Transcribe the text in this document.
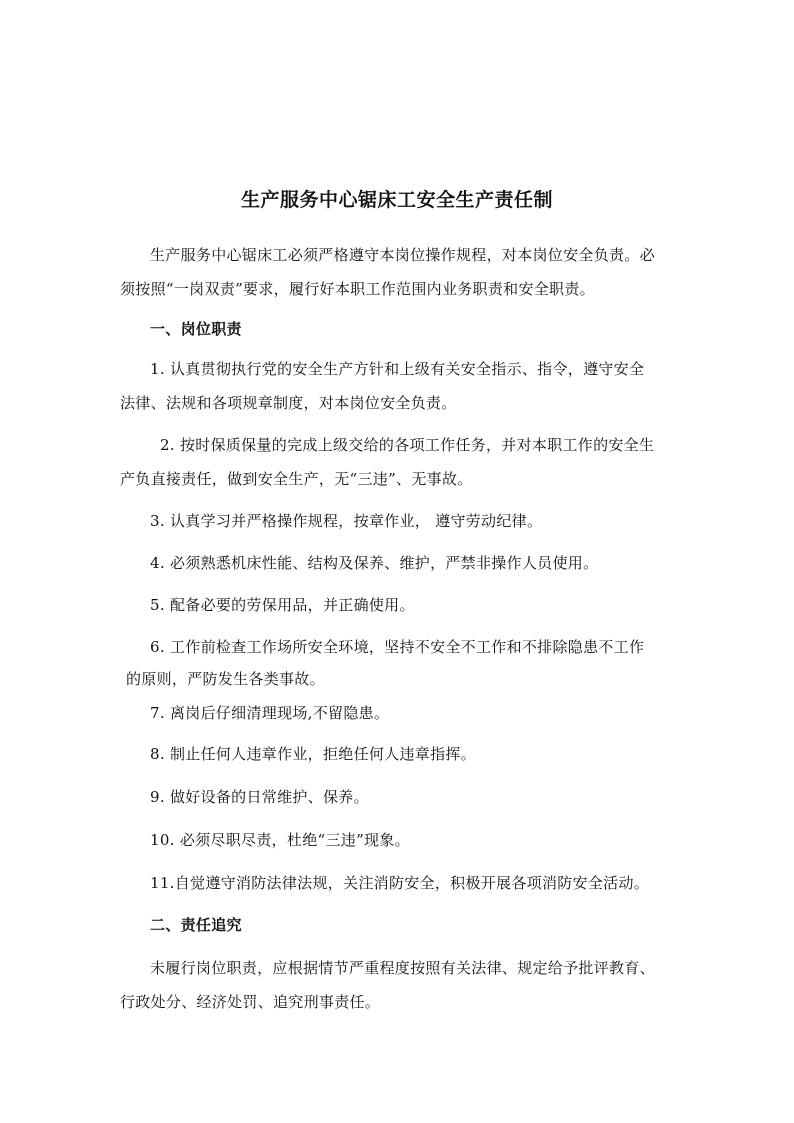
生产服务中心锯床工安全生产责任制
生产服务中心锯床工必须严格遵守本岗位操作规程，对本岗位安全负责。必
须按照“一岗双责”要求，履行好本职工作范围内业务职责和安全职责。
一、岗位职责
1. 认真贯彻执行党的安全生产方针和上级有关安全指示、指令，遵守安全
法律、法规和各项规章制度，对本岗位安全负责。
2. 按时保质保量的完成上级交给的各项工作任务，并对本职工作的安全生
产负直接责任，做到安全生产，无“三违”、无事故。
3. 认真学习并严格操作规程，按章作业， 遵守劳动纪律。
4. 必须熟悉机床性能、结构及保养、维护，严禁非操作人员使用。
5. 配备必要的劳保用品，并正确使用。
6. 工作前检查工作场所安全环境，坚持不安全不工作和不排除隐患不工作
的原则，严防发生各类事故。
7. 离岗后仔细清理现场,不留隐患。
8. 制止任何人违章作业，拒绝任何人违章指挥。
9. 做好设备的日常维护、保养。
10. 必须尽职尽责，杜绝“三违”现象。
11.自觉遵守消防法律法规，关注消防安全，积极开展各项消防安全活动。
二、责任追究
未履行岗位职责，应根据情节严重程度按照有关法律、规定给予批评教育、
行政处分、经济处罚、追究刑事责任。
